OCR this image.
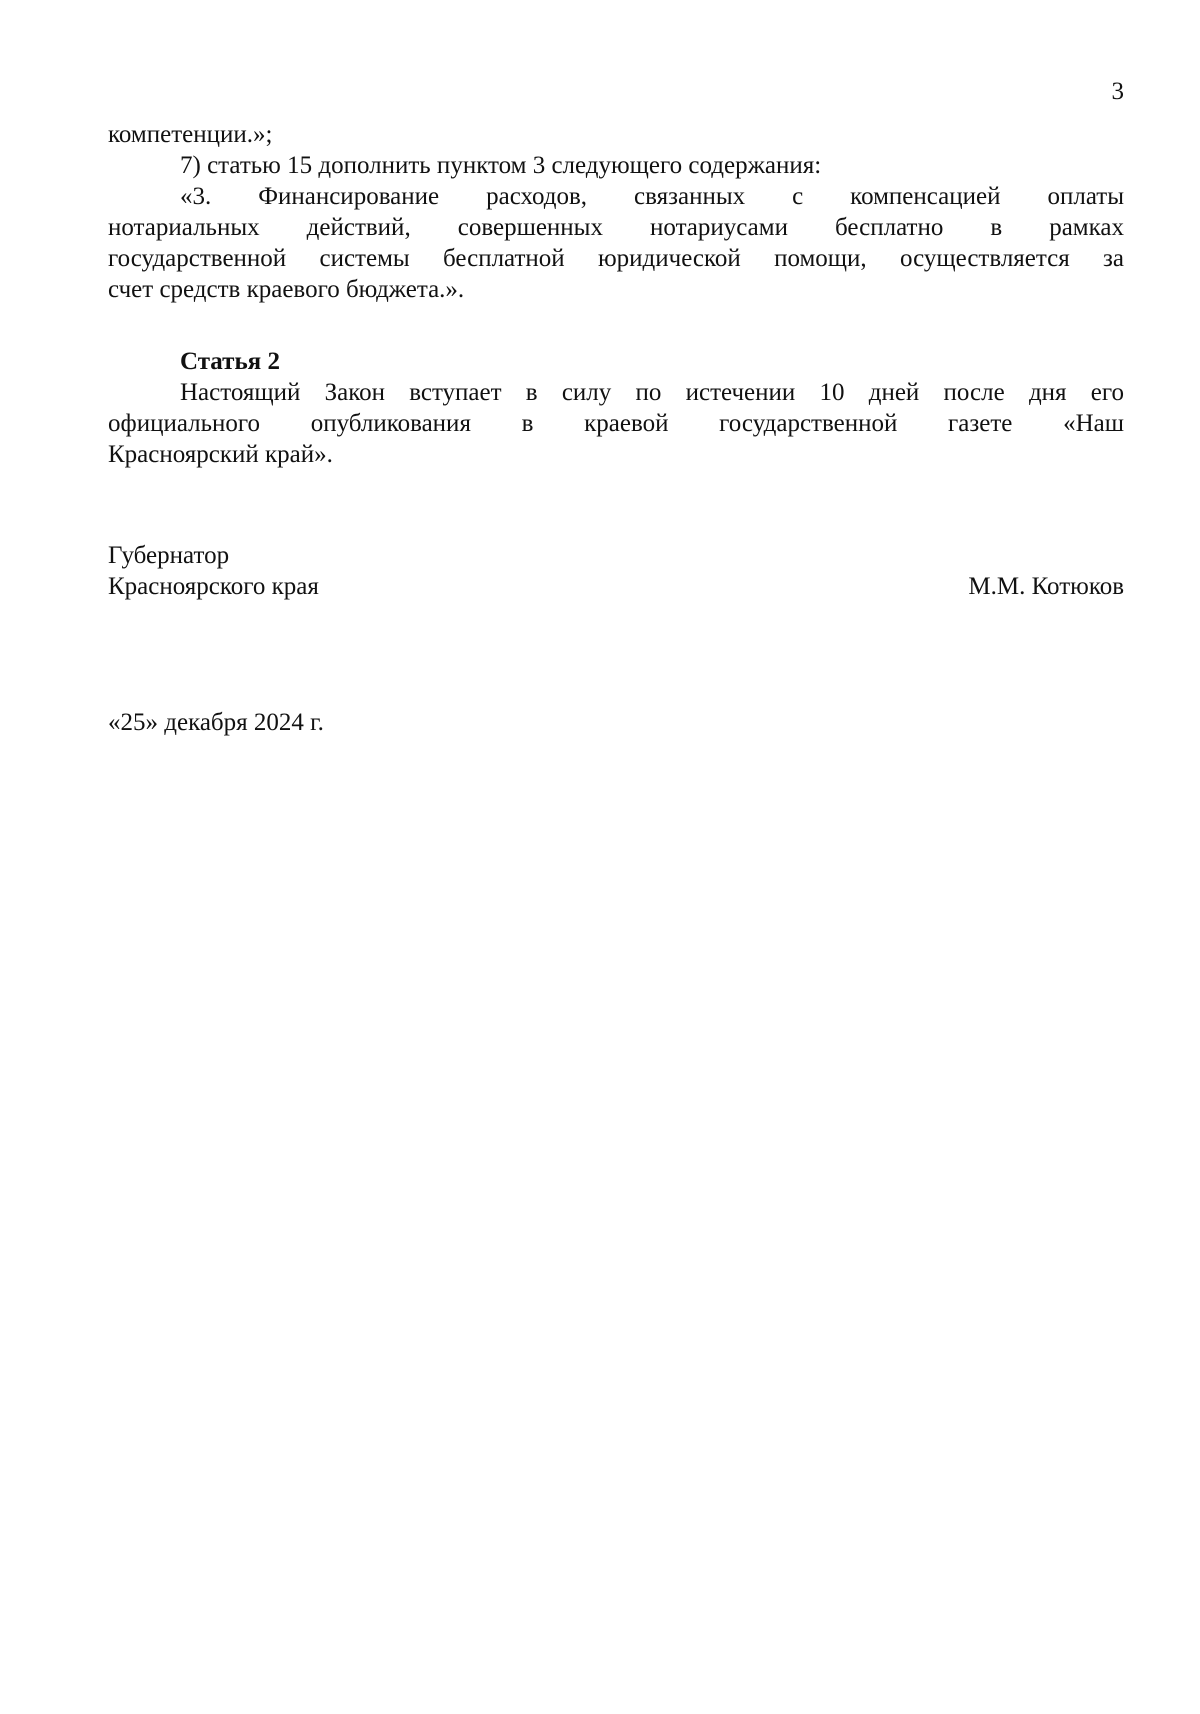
3
компетенции.»;
7) статью 15 дополнить пунктом 3 следующего содержания:
«3. Финансирование расходов, связанных с компенсацией оплаты
нотариальных действий, совершенных нотариусами бесплатно в рамках
государственной системы бесплатной юридической помощи, осуществляется за
счет средств краевого бюджета.».
Статья 2
Настоящий Закон вступает в силу по истечении 10 дней после дня его
официального опубликования в краевой государственной газете «Наш
Красноярский край».
Губернатор
Красноярского края	М.М. Котюков
«25» декабря 2024 г.
